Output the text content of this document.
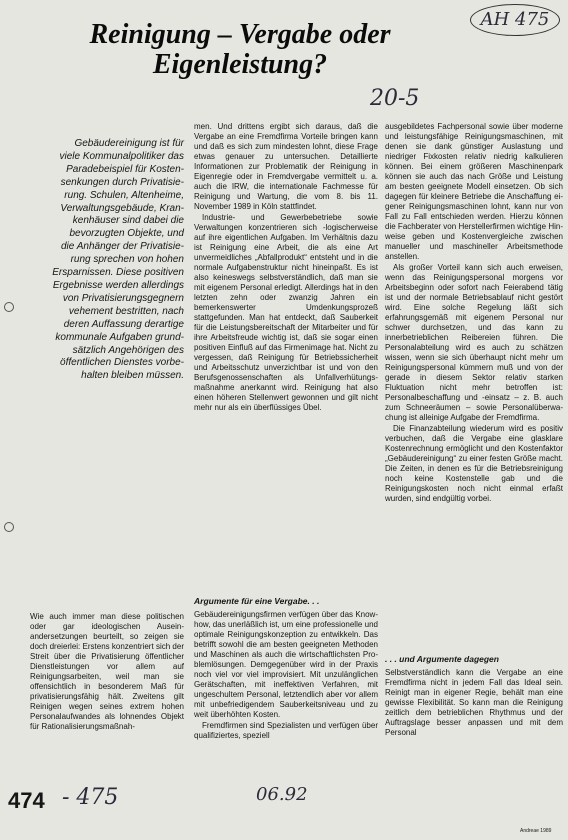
Reinigung – Vergabe oder Eigenleistung?
AH 475
20-5
Gebäudereinigung ist für
viele Kommunalpolitiker das
Paradebeispiel für Kosten-
senkungen durch Privatisie-
rung. Schulen, Altenheime,
Verwaltungsgebäude, Kran-
kenhäuser sind dabei die
bevorzugten Objekte, und
die Anhänger der Privatisie-
rung sprechen von hohen
Ersparnissen. Diese positiven
Ergebnisse werden allerdings
von Privatisierungsgegnern
vehement bestritten, nach
deren Auffassung derartige
kommunale Aufgaben grund-
sätzlich Angehörigen des
öffentlichen Dienstes vorbe-
halten bleiben müssen.

Wie auch immer man diese politischen oder gar ideologischen Auseinandersetzungen beurteilt, so zeigen sie doch dreierlei: Erstens konzentriert sich der Streit über die Privatisierung öffentlicher Dienstleistungen vor allem auf Reinigungsarbeiten, weil man sie offensichtlich in besonderem Maß für privatisierungsfähig hält. Zweitens gilt Reinigen wegen seines extrem hohen Personalaufwandes als lohnendes Objekt für Rationalisierungsmaßnah-

men. Und drittens ergibt sich daraus, daß die Vergabe an eine Fremdfirma Vorteile bringen kann und daß es sich zum mindesten lohnt, diese Frage etwas genauer zu untersuchen. Detaillierte Informationen zur Problematik der Reinigung in Eigenregie oder in Fremdvergabe vermittelt u. a. auch die IRW, die internationale Fachmesse für Reinigung und Wartung, die vom 8. bis 11. November 1989 in Köln stattfindet.

Industrie- und Gewerbebetriebe sowie Verwaltungen konzentrieren sich -logischerweise auf ihre eigentlichen Aufgaben. Im Verhältnis dazu ist Reinigung eine Arbeit, die als eine Art unvermeidliches „Abfallprodukt“ entsteht und in die normale Aufgabenstruktur nicht hineinpaßt. Es ist also keineswegs selbstverständlich, daß man sie mit eigenem Personal erledigt. Allerdings hat in den letzten zehn oder zwanzig Jahren ein bemerkenswerter Umdenkungsprozeß stattgefunden. Man hat entdeckt, daß Sauberkeit für die Leistungsbereitschaft der Mitarbeiter und für ihre Arbeitsfreude wichtig ist, daß sie sogar einen positiven Einfluß auf das Firmenimage hat. Nicht zu vergessen, daß Reinigung für Betriebssicherheit und Arbeitsschutz unverzichtbar ist und von den Berufsgenossenschaften als Unfallverhütungsmaßnahme anerkannt wird. Reinigung hat also einen höheren Stellenwert gewonnen und gilt nicht mehr nur als ein überflüssiges Übel.

Argumente für eine Vergabe. . .

Gebäudereinigungsfirmen verfügen über das Know-how, das unerläßlich ist, um eine professionelle und optimale Reinigungskonzeption zu entwikkeln. Das betrifft sowohl die am besten geeigneten Methoden und Maschinen als auch die wirtschaftlichsten Problemlösungen. Demgegenüber wird in der Praxis noch viel vor viel improvisiert. Mit unzulänglichen Gerätschaften, mit ineffektiven Verfahren, mit ungeschultem Personal, letztendlich aber vor allem mit unbefriedigendem Sauberkeitsniveau und zu weit überhöhten Kosten.

Fremdfirmen sind Spezialisten und verfügen über qualifiziertes, speziell

ausgebildetes Fachpersonal sowie über moderne und leistungsfähige Reinigungsmaschinen, mit denen sie dank günstiger Auslastung und niedriger Fixkosten relativ niedrig kalkulieren können. Bei einem größeren Maschinenpark können sie auch das nach Größe und Leistung am besten geeignete Modell einsetzen. Ob sich dagegen für kleinere Betriebe die Anschaffung eigener Reinigungsmaschinen lohnt, kann nur von Fall zu Fall entschieden werden. Hierzu können die Fachberater von Herstellerfirmen wichtige Hinweise geben und Kostenvergleiche zwischen manueller und maschineller Arbeitsmethode anstellen.

Als großer Vorteil kann sich auch erweisen, wenn das Reinigungspersonal morgens vor Arbeitsbeginn oder sofort nach Feierabend tätig ist und der normale Betriebsablauf nicht gestört wird. Eine solche Regelung läßt sich erfahrungsgemäß mit eigenem Personal nur schwer durchsetzen, und das kann zu innerbetrieblichen Reibereien führen. Die Personalabteilung wird es auch zu schätzen wissen, wenn sie sich überhaupt nicht mehr um Reinigungspersonal kümmern muß und von der gerade in diesem Sektor relativ starken Fluktuation nicht mehr betroffen ist: Personalbeschaffung und -einsatz – z. B. auch zum Schneeräumen – sowie Personalüberwachung ist alleinige Aufgabe der Fremdfirma.

Die Finanzabteilung wiederum wird es positiv verbuchen, daß die Vergabe eine glasklare Kostenrechnung ermöglicht und den Kostenfaktor „Gebäudereinigung“ zu einer festen Größe macht. Die Zeiten, in denen es für die Betriebsreinigung noch keine Kostenstelle gab und die Reinigungskosten noch nicht einmal erfaßt wurden, sind endgültig vorbei.

. . . und Argumente dagegen

Selbstverständlich kann die Vergabe an eine Fremdfirma nicht in jedem Fall das Ideal sein. Reinigt man in eigener Regie, behält man eine gewisse Flexibilität. So kann man die Reinigung zeitlich dem betrieblichen Rhythmus und der Auftragslage besser anpassen und mit dem Personal

474 - 475	06.92
Andreae 1989
